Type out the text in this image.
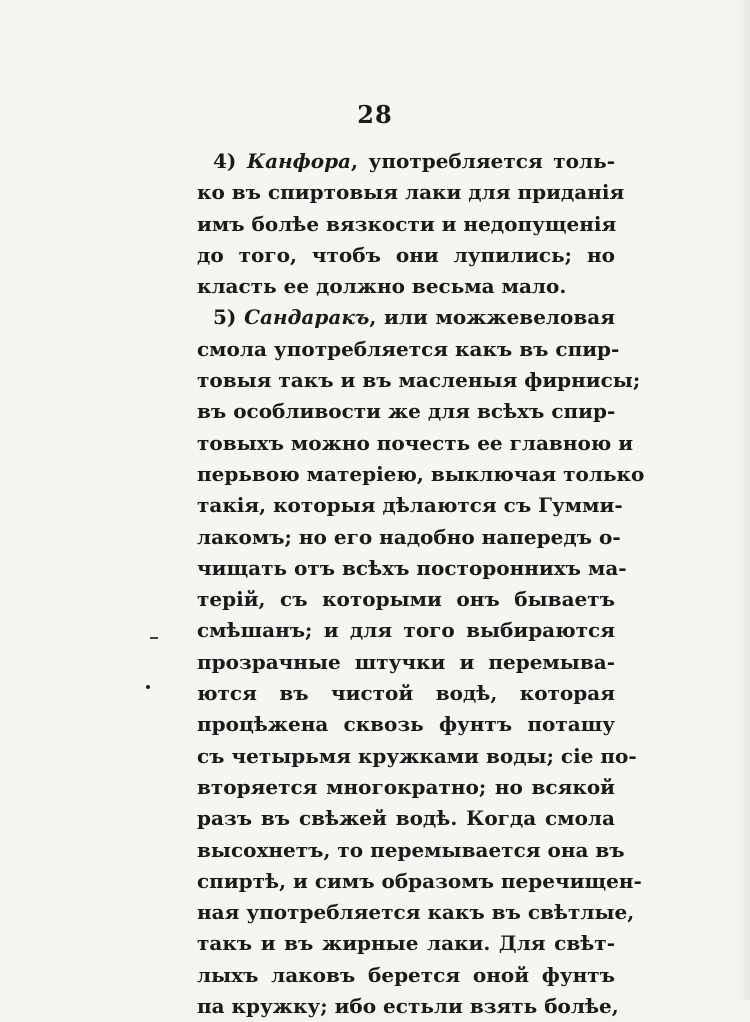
28
4) Канфора, употребляется толь-
ко въ спиртовыя лаки для приданія
имъ болѣе вязкости и недопущенія
до того, чтобъ они лупились; но
класть ее должно весьма мало.
5) Сандаракъ, или можжевеловая
смола употребляется какъ въ спир-
товыя такъ и въ масленыя фирнисы;
въ особливости же для всѣхъ спир-
товыхъ можно почесть ее главною и
перьвою матеріею, выключая только
такія, которыя дѣлаются съ Гумми-
лакомъ; но его надобно напередъ о-
чищать отъ всѣхъ постороннихъ ма-
терій, съ которыми онъ бываетъ
смѣшанъ; и для того выбираются
прозрачные штучки и перемыва-
ются въ чистой водѣ, которая
процѣжена сквозь фунтъ поташу
съ четырьмя кружками воды; сіе по-
вторяется многократно; но всякой
разъ въ свѣжей водѣ. Когда смола
высохнетъ, то перемывается она въ
спиртѣ, и симъ образомъ перечищен-
ная употребляется какъ въ свѣтлые,
такъ и въ жирные лаки. Для свѣт-
лыхъ лаковъ берется оной фунтъ
па кружку; ибо естьли взять болѣе,
